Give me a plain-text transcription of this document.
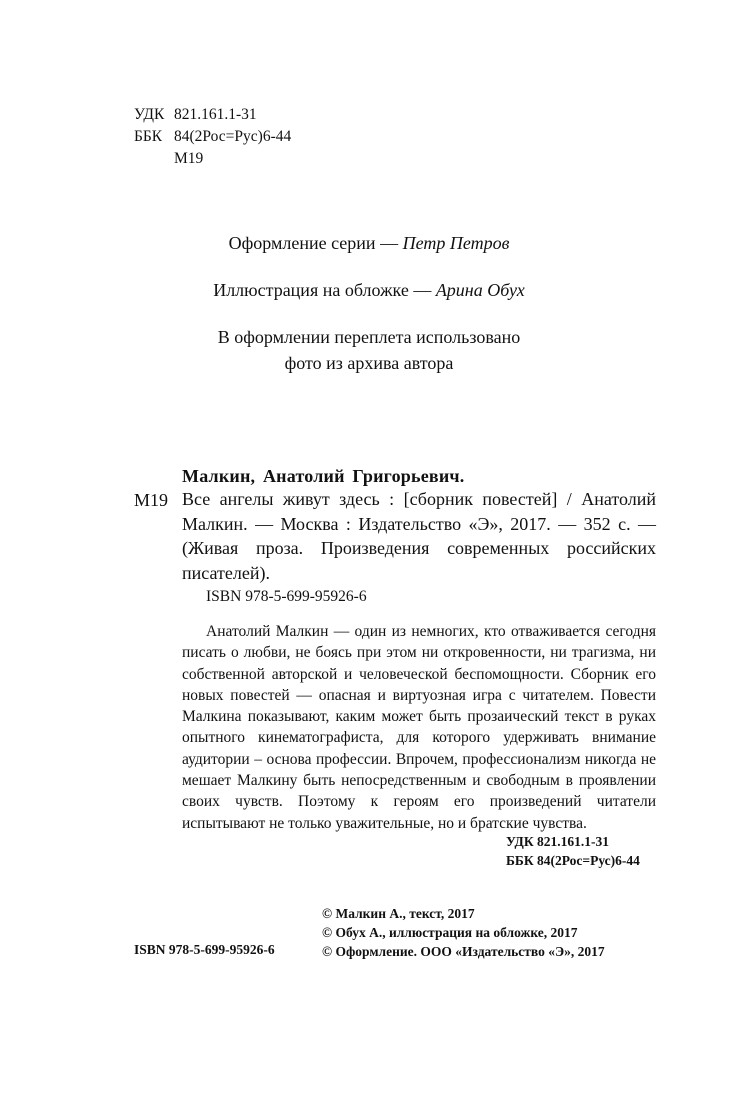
УДК 821.161.1-31
ББК 84(2Рос=Рус)6-44
М19
Оформление серии — Петр Петров
Иллюстрация на обложке — Арина Обух
В оформлении переплета использовано
фото из архива автора
Малкин, Анатолий Григорьевич.
М19 Все ангелы живут здесь : [сборник повестей] / Анатолий Малкин. — Москва : Издательство «Э», 2017. — 352 с. — (Живая проза. Произведения современных российских писателей).
ISBN 978-5-699-95926-6
Анатолий Малкин — один из немногих, кто отваживается сегодня писать о любви, не боясь при этом ни откровенности, ни трагизма, ни собственной авторской и человеческой беспомощности. Сборник его новых повестей — опасная и виртуозная игра с читателем. Повести Малкина показывают, каким может быть прозаический текст в руках опытного кинематографиста, для которого удерживать внимание аудитории – основа профессии. Впрочем, профессионализм никогда не мешает Малкину быть непосредственным и свободным в проявлении своих чувств. Поэтому к героям его произведений читатели испытывают не только уважительные, но и братские чувства.
УДК 821.161.1-31
ББК 84(2Рос=Рус)6-44
ISBN 978-5-699-95926-6
© Малкин А., текст, 2017
© Обух А., иллюстрация на обложке, 2017
© Оформление. ООО «Издательство «Э», 2017
